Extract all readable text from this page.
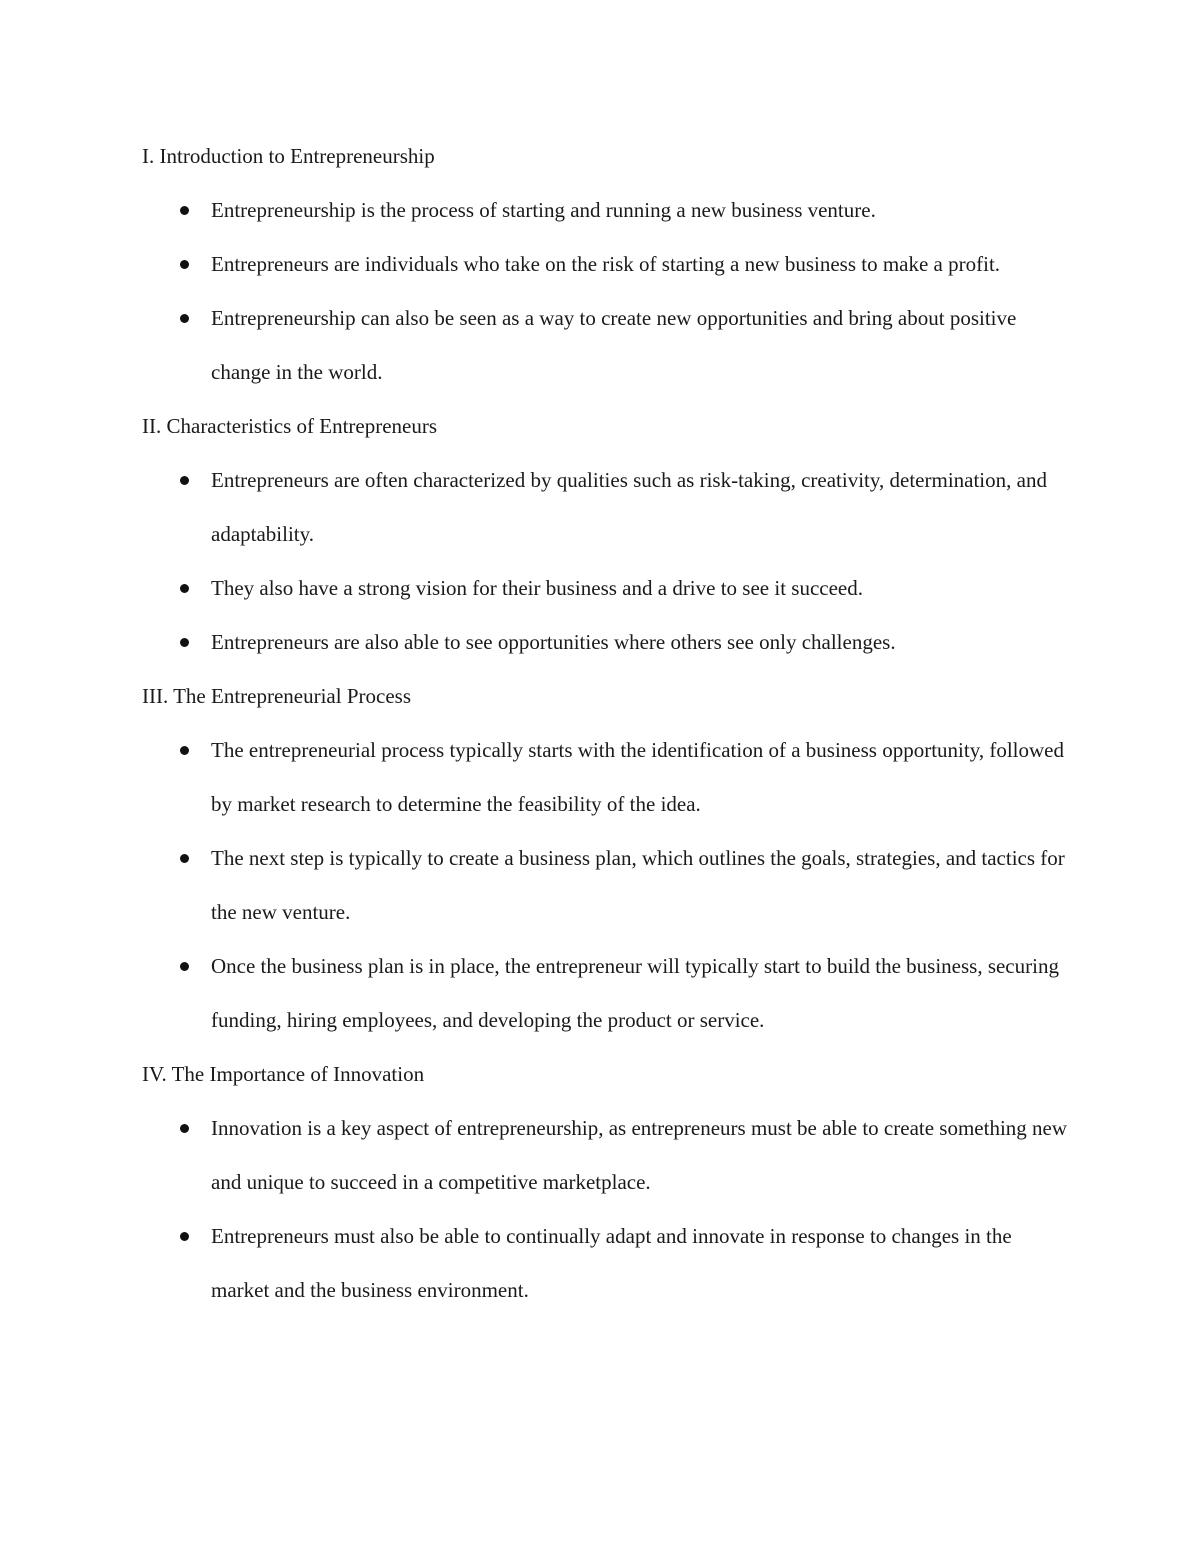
I. Introduction to Entrepreneurship

Entrepreneurship is the process of starting and running a new business venture.
Entrepreneurs are individuals who take on the risk of starting a new business to make a profit.
Entrepreneurship can also be seen as a way to create new opportunities and bring about positive change in the world.

II. Characteristics of Entrepreneurs

Entrepreneurs are often characterized by qualities such as risk-taking, creativity, determination, and adaptability.
They also have a strong vision for their business and a drive to see it succeed.
Entrepreneurs are also able to see opportunities where others see only challenges.

III. The Entrepreneurial Process

The entrepreneurial process typically starts with the identification of a business opportunity, followed by market research to determine the feasibility of the idea.
The next step is typically to create a business plan, which outlines the goals, strategies, and tactics for the new venture.
Once the business plan is in place, the entrepreneur will typically start to build the business, securing funding, hiring employees, and developing the product or service.

IV. The Importance of Innovation

Innovation is a key aspect of entrepreneurship, as entrepreneurs must be able to create something new and unique to succeed in a competitive marketplace.
Entrepreneurs must also be able to continually adapt and innovate in response to changes in the market and the business environment.
